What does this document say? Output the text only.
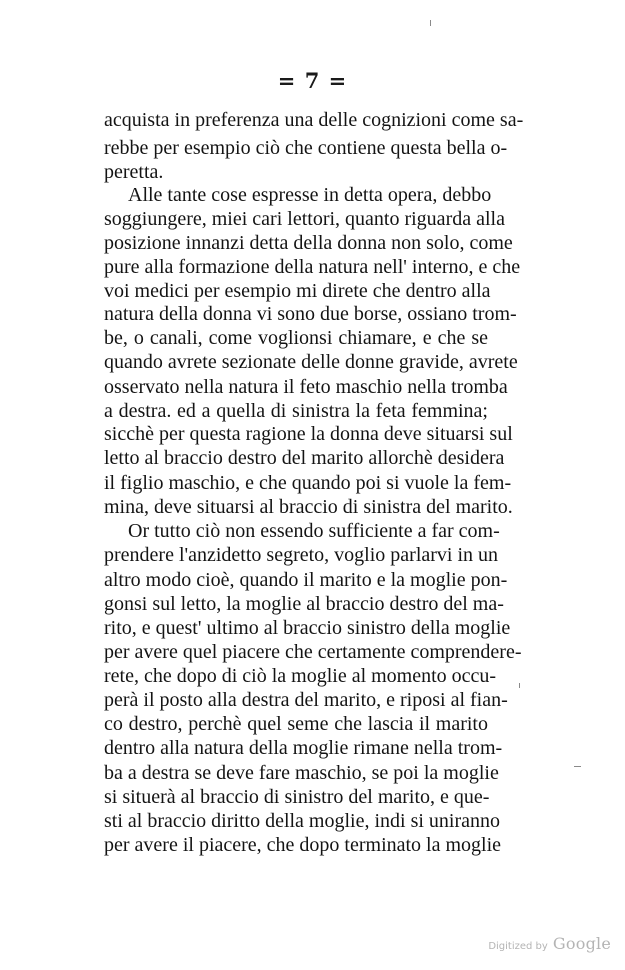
= 7 =
acquista in preferenza una delle cognizioni come sa-
rebbe per esempio ciò che contiene questa bella o-
peretta.
Alle tante cose espresse in detta opera, debbo
soggiungere, miei cari lettori, quanto riguarda alla
posizione innanzi detta della donna non solo, come
pure alla formazione della natura nell' interno, e che
voi medici per esempio mi direte che dentro alla
natura della donna vi sono due borse, ossiano trom-
be, o canali, come voglionsi chiamare, e che se
quando avrete sezionate delle donne gravide, avrete
osservato nella natura il feto maschio nella tromba
a destra. ed a quella di sinistra la feta femmina;
sicchè per questa ragione la donna deve situarsi sul
letto al braccio destro del marito allorchè desidera
il figlio maschio, e che quando poi si vuole la fem-
mina, deve situarsi al braccio di sinistra del marito.
Or tutto ciò non essendo sufficiente a far com-
prendere l'anzidetto segreto, voglio parlarvi in un
altro modo cioè, quando il marito e la moglie pon-
gonsi sul letto, la moglie al braccio destro del ma-
rito, e quest' ultimo al braccio sinistro della moglie
per avere quel piacere che certamente comprendere-
rete, che dopo di ciò la moglie al momento occu-
perà il posto alla destra del marito, e riposi al fian-
co destro, perchè quel seme che lascia il marito
dentro alla natura della moglie rimane nella trom-
ba a destra se deve fare maschio, se poi la moglie
si situerà al braccio di sinistro del marito, e que-
sti al braccio diritto della moglie, indi si uniranno
per avere il piacere, che dopo terminato la moglie
Digitized by Google
